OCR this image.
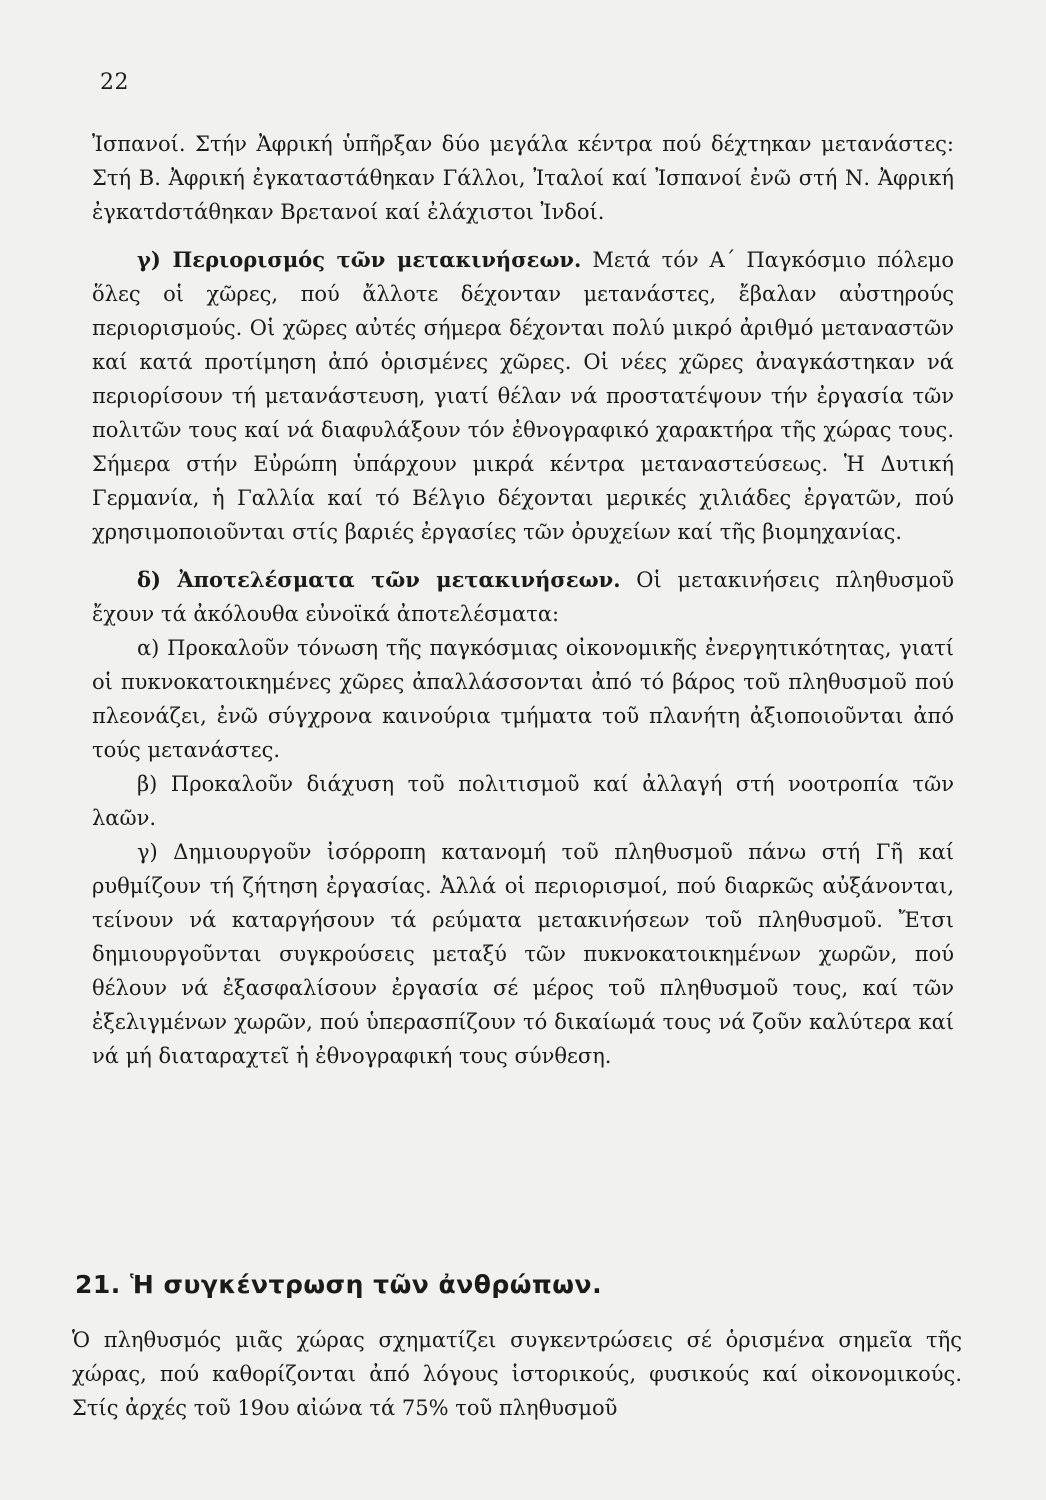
22

Ἰσπανοί. Στήν Ἀφρική ὑπῆρξαν δύο μεγάλα κέντρα πού δέχτηκαν μετανάστες: Στή Β. Ἀφρική ἐγκαταστάθηκαν Γάλλοι, Ἰταλοί καί Ἰσπανοί ἐνῶ στή Ν. Ἀφρική ἐγκατdστάθηκαν Βρετανοί καί ἐλάχιστοι Ἰνδοί.

γ) Περιορισμός τῶν μετακινήσεων. Μετά τόν Α΄ Παγκόσμιο πόλεμο ὅλες οἱ χῶρες, πού ἄλλοτε δέχονταν μετανάστες, ἔβαλαν αὐστηρούς περιορισμούς. Οἱ χῶρες αὐτές σήμερα δέχονται πολύ μικρό ἀριθμό μεταναστῶν καί κατά προτίμηση ἀπό ὁρισμένες χῶρες. Οἱ νέες χῶρες ἀναγκάστηκαν νά περιορίσουν τή μετανάστευση, γιατί θέλαν νά προστατέψουν τήν ἐργασία τῶν πολιτῶν τους καί νά διαφυλάξουν τόν ἐθνογραφικό χαρακτήρα τῆς χώρας τους. Σήμερα στήν Εὐρώπη ὑπάρχουν μικρά κέντρα μεταναστεύσεως. Ἡ Δυτική Γερμανία, ἡ Γαλλία καί τό Βέλγιο δέχονται μερικές χιλιάδες ἐργατῶν, πού χρησιμοποιοῦνται στίς βαριές ἐργασίες τῶν ὀρυχείων καί τῆς βιομηχανίας.

δ) Ἀποτελέσματα τῶν μετακινήσεων. Οἱ μετακινήσεις πληθυσμοῦ ἔχουν τά ἀκόλουθα εὐνοϊκά ἀποτελέσματα:

α) Προκαλοῦν τόνωση τῆς παγκόσμιας οἰκονομικῆς ἐνεργητικότητας, γιατί οἱ πυκνοκατοικημένες χῶρες ἀπαλλάσσονται ἀπό τό βάρος τοῦ πληθυσμοῦ πού πλεονάζει, ἐνῶ σύγχρονα καινούρια τμήματα τοῦ πλανήτη ἀξιοποιοῦνται ἀπό τούς μετανάστες.

β) Προκαλοῦν διάχυση τοῦ πολιτισμοῦ καί ἀλλαγή στή νοοτροπία τῶν λαῶν.

γ) Δημιουργοῦν ἰσόρροπη κατανομή τοῦ πληθυσμοῦ πάνω στή Γῆ καί ρυθμίζουν τή ζήτηση ἐργασίας. Ἀλλά οἱ περιορισμοί, πού διαρκῶς αὐξάνονται, τείνουν νά καταργήσουν τά ρεύματα μετακινήσεων τοῦ πληθυσμοῦ. Ἔτσι δημιουργοῦνται συγκρούσεις μεταξύ τῶν πυκνοκατοικημένων χωρῶν, πού θέλουν νά ἐξασφαλίσουν ἐργασία σέ μέρος τοῦ πληθυσμοῦ τους, καί τῶν ἐξελιγμένων χωρῶν, πού ὑπερασπίζουν τό δικαίωμά τους νά ζοῦν καλύτερα καί νά μή διαταραχτεῖ ἡ ἐθνογραφική τους σύνθεση.

21. Ἡ συγκέντρωση τῶν ἀνθρώπων.

Ὁ πληθυσμός μιᾶς χώρας σχηματίζει συγκεντρώσεις σέ ὁρισμένα σημεῖα τῆς χώρας, πού καθορίζονται ἀπό λόγους ἱστορικούς, φυσικούς καί οἰκονομικούς. Στίς ἀρχές τοῦ 19ου αἰώνα τά 75% τοῦ πληθυσμοῦ
